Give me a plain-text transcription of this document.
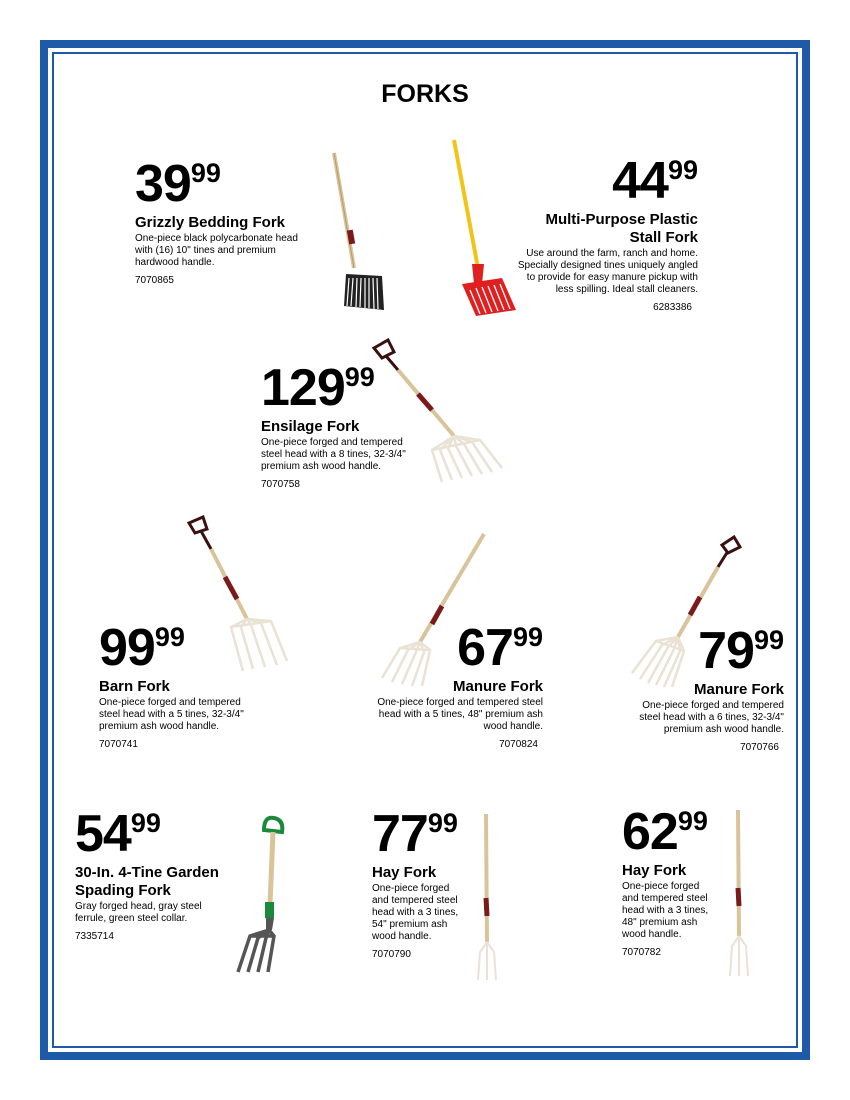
FORKS
$39^{99}$
Grizzly Bedding Fork
One-piece black polycarbonate head
with (16) 10" tines and premium
hardwood handle.
7070865
$44^{99}$
Multi-Purpose Plastic
Stall Fork
Use around the farm, ranch and home.
Specially designed tines uniquely angled
to provide for easy manure pickup with
less spilling. Ideal stall cleaners.
6283386
$129^{99}$
Ensilage Fork
One-piece forged and tempered
steel head with a 8 tines, 32-3/4"
premium ash wood handle.
7070758
$99^{99}$
Barn Fork
One-piece forged and tempered
steel head with a 5 tines, 32-3/4"
premium ash wood handle.
7070741
$67^{99}$
Manure Fork
One-piece forged and tempered steel
head with a 5 tines, 48" premium ash
wood handle.
7070824
$79^{99}$
Manure Fork
One-piece forged and tempered
steel head with a 6 tines, 32-3/4"
premium ash wood handle.
7070766
$54^{99}$
30-In. 4-Tine Garden
Spading Fork
Gray forged head, gray steel
ferrule, green steel collar.
7335714
$77^{99}$
Hay Fork
One-piece forged
and tempered steel
head with a 3 tines,
54" premium ash
wood handle.
7070790
$62^{99}$
Hay Fork
One-piece forged
and tempered steel
head with a 3 tines,
48" premium ash
wood handle.
7070782
